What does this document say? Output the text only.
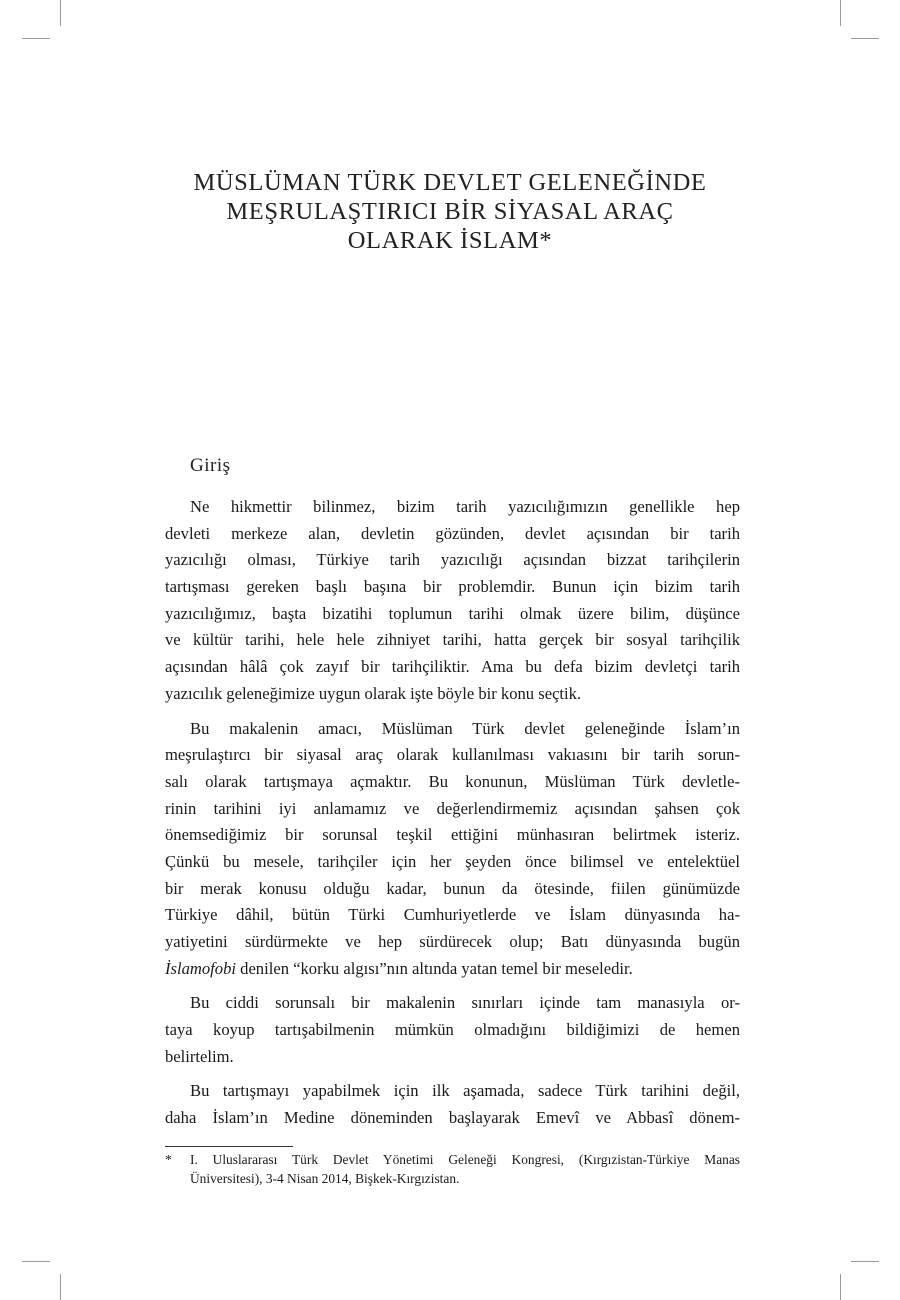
MÜSLÜMAN TÜRK DEVLET GELENEĞİNDE
MEŞRULAŞTIRICI BİR SİYASAL ARAÇ
OLARAK İSLAM*
Giriş

Ne hikmettir bilinmez, bizim tarih yazıcılığımızın genellikle hep
devleti merkeze alan, devletin gözünden, devlet açısından bir tarih
yazıcılığı olması, Türkiye tarih yazıcılığı açısından bizzat tarihçilerin
tartışması gereken başlı başına bir problemdir. Bunun için bizim tarih
yazıcılığımız, başta bizatihi toplumun tarihi olmak üzere bilim, düşünce
ve kültür tarihi, hele hele zihniyet tarihi, hatta gerçek bir sosyal tarihçilik
açısından hâlâ çok zayıf bir tarihçiliktir. Ama bu defa bizim devletçi tarih
yazıcılık geleneğimize uygun olarak işte böyle bir konu seçtik.

Bu makalenin amacı, Müslüman Türk devlet geleneğinde İslam’ın
meşrulaştırcı bir siyasal araç olarak kullanılması vakıasını bir tarih sorun-
salı olarak tartışmaya açmaktır. Bu konunun, Müslüman Türk devletle-
rinin tarihini iyi anlamamız ve değerlendirmemiz açısından şahsen çok
önemsediğimiz bir sorunsal teşkil ettiğini münhasıran belirtmek isteriz.
Çünkü bu mesele, tarihçiler için her şeyden önce bilimsel ve entelektüel
bir merak konusu olduğu kadar, bunun da ötesinde, fiilen günümüzde
Türkiye dâhil, bütün Türki Cumhuriyetlerde ve İslam dünyasında ha-
yatiyetini sürdürmekte ve hep sürdürecek olup; Batı dünyasında bugün
İslamofobi denilen “korku algısı”nın altında yatan temel bir meseledir.

Bu ciddi sorunsalı bir makalenin sınırları içinde tam manasıyla or-
taya koyup tartışabilmenin mümkün olmadığını bildiğimizi de hemen
belirtelim.

Bu tartışmayı yapabilmek için ilk aşamada, sadece Türk tarihini değil,
daha İslam’ın Medine döneminden başlayarak Emevî ve Abbasî dönem-

* I. Uluslararası Türk Devlet Yönetimi Geleneği Kongresi, (Kırgızistan-Türkiye Manas
Üniversitesi), 3-4 Nisan 2014, Bişkek-Kırgızistan.
